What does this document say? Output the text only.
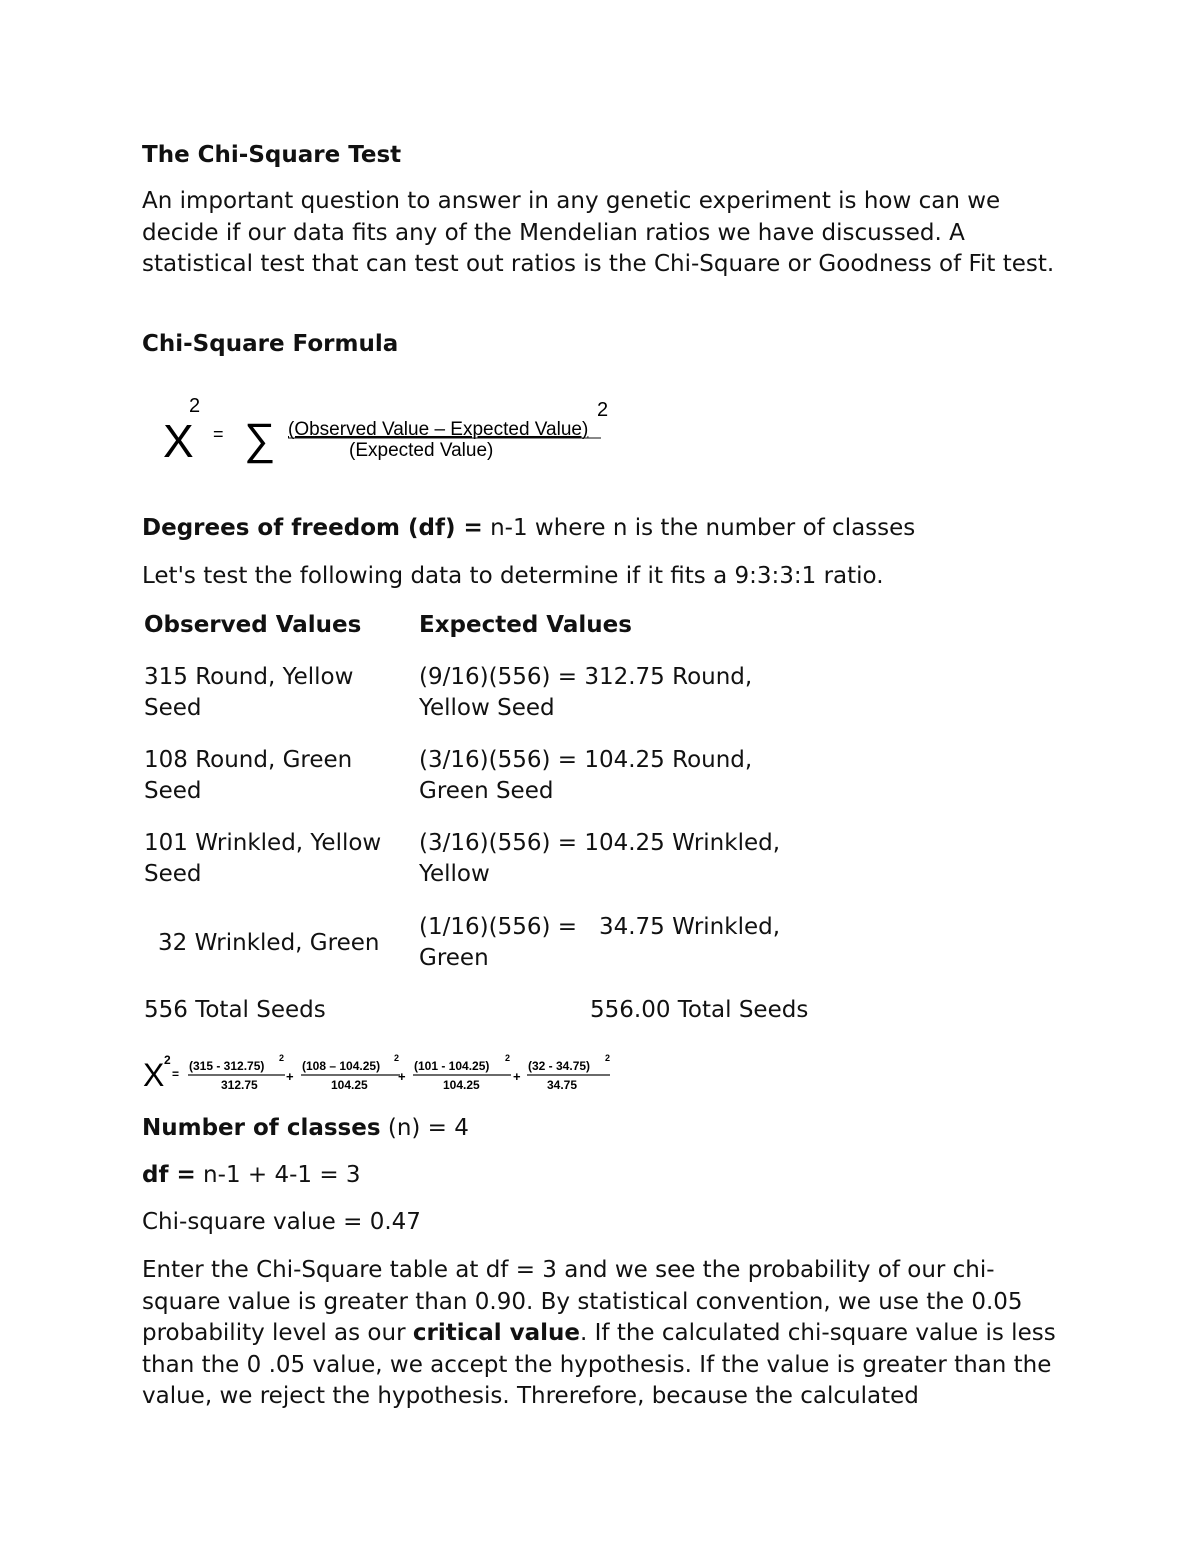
The Chi-Square Test

An important question to answer in any genetic experiment is how can we decide if our data fits any of the Mendelian ratios we have discussed. A statistical test that can test out ratios is the Chi-Square or Goodness of Fit test.

Chi-Square Formula
X
2
= ∑ (Observed Value – Expected Value)
2
(Expected Value)

Degrees of freedom (df) = n-1 where n is the number of classes

Let's test the following data to determine if it fits a 9:3:3:1 ratio.

Observed Values	Expected Values

315 Round, Yellow Seed

(9/16)(556) = 312.75 Round, Yellow Seed

108 Round, Green Seed

(3/16)(556) = 104.25 Round, Green Seed

101 Wrinkled, Yellow Seed

(3/16)(556) = 104.25 Wrinkled, Yellow

32 Wrinkled, Green

(1/16)(556) =   34.75 Wrinkled, Green

556 Total Seeds	556.00 Total Seeds

X 2
=
(315 - 312.75)
2
312.75
+
(108 – 104.25)
2
104.25
+
(101 - 104.25)
2
104.25
+
(32 - 34.75)
2
34.75

Number of classes (n) = 4

df = n-1 + 4-1 = 3

Chi-square value = 0.47

Enter the Chi-Square table at df = 3 and we see the probability of our chi-square value is greater than 0.90. By statistical convention, we use the 0.05 probability level as our critical value. If the calculated chi-square value is less than the 0 .05 value, we accept the hypothesis. If the value is greater than the value, we reject the hypothesis. Threrefore, because the calculated
